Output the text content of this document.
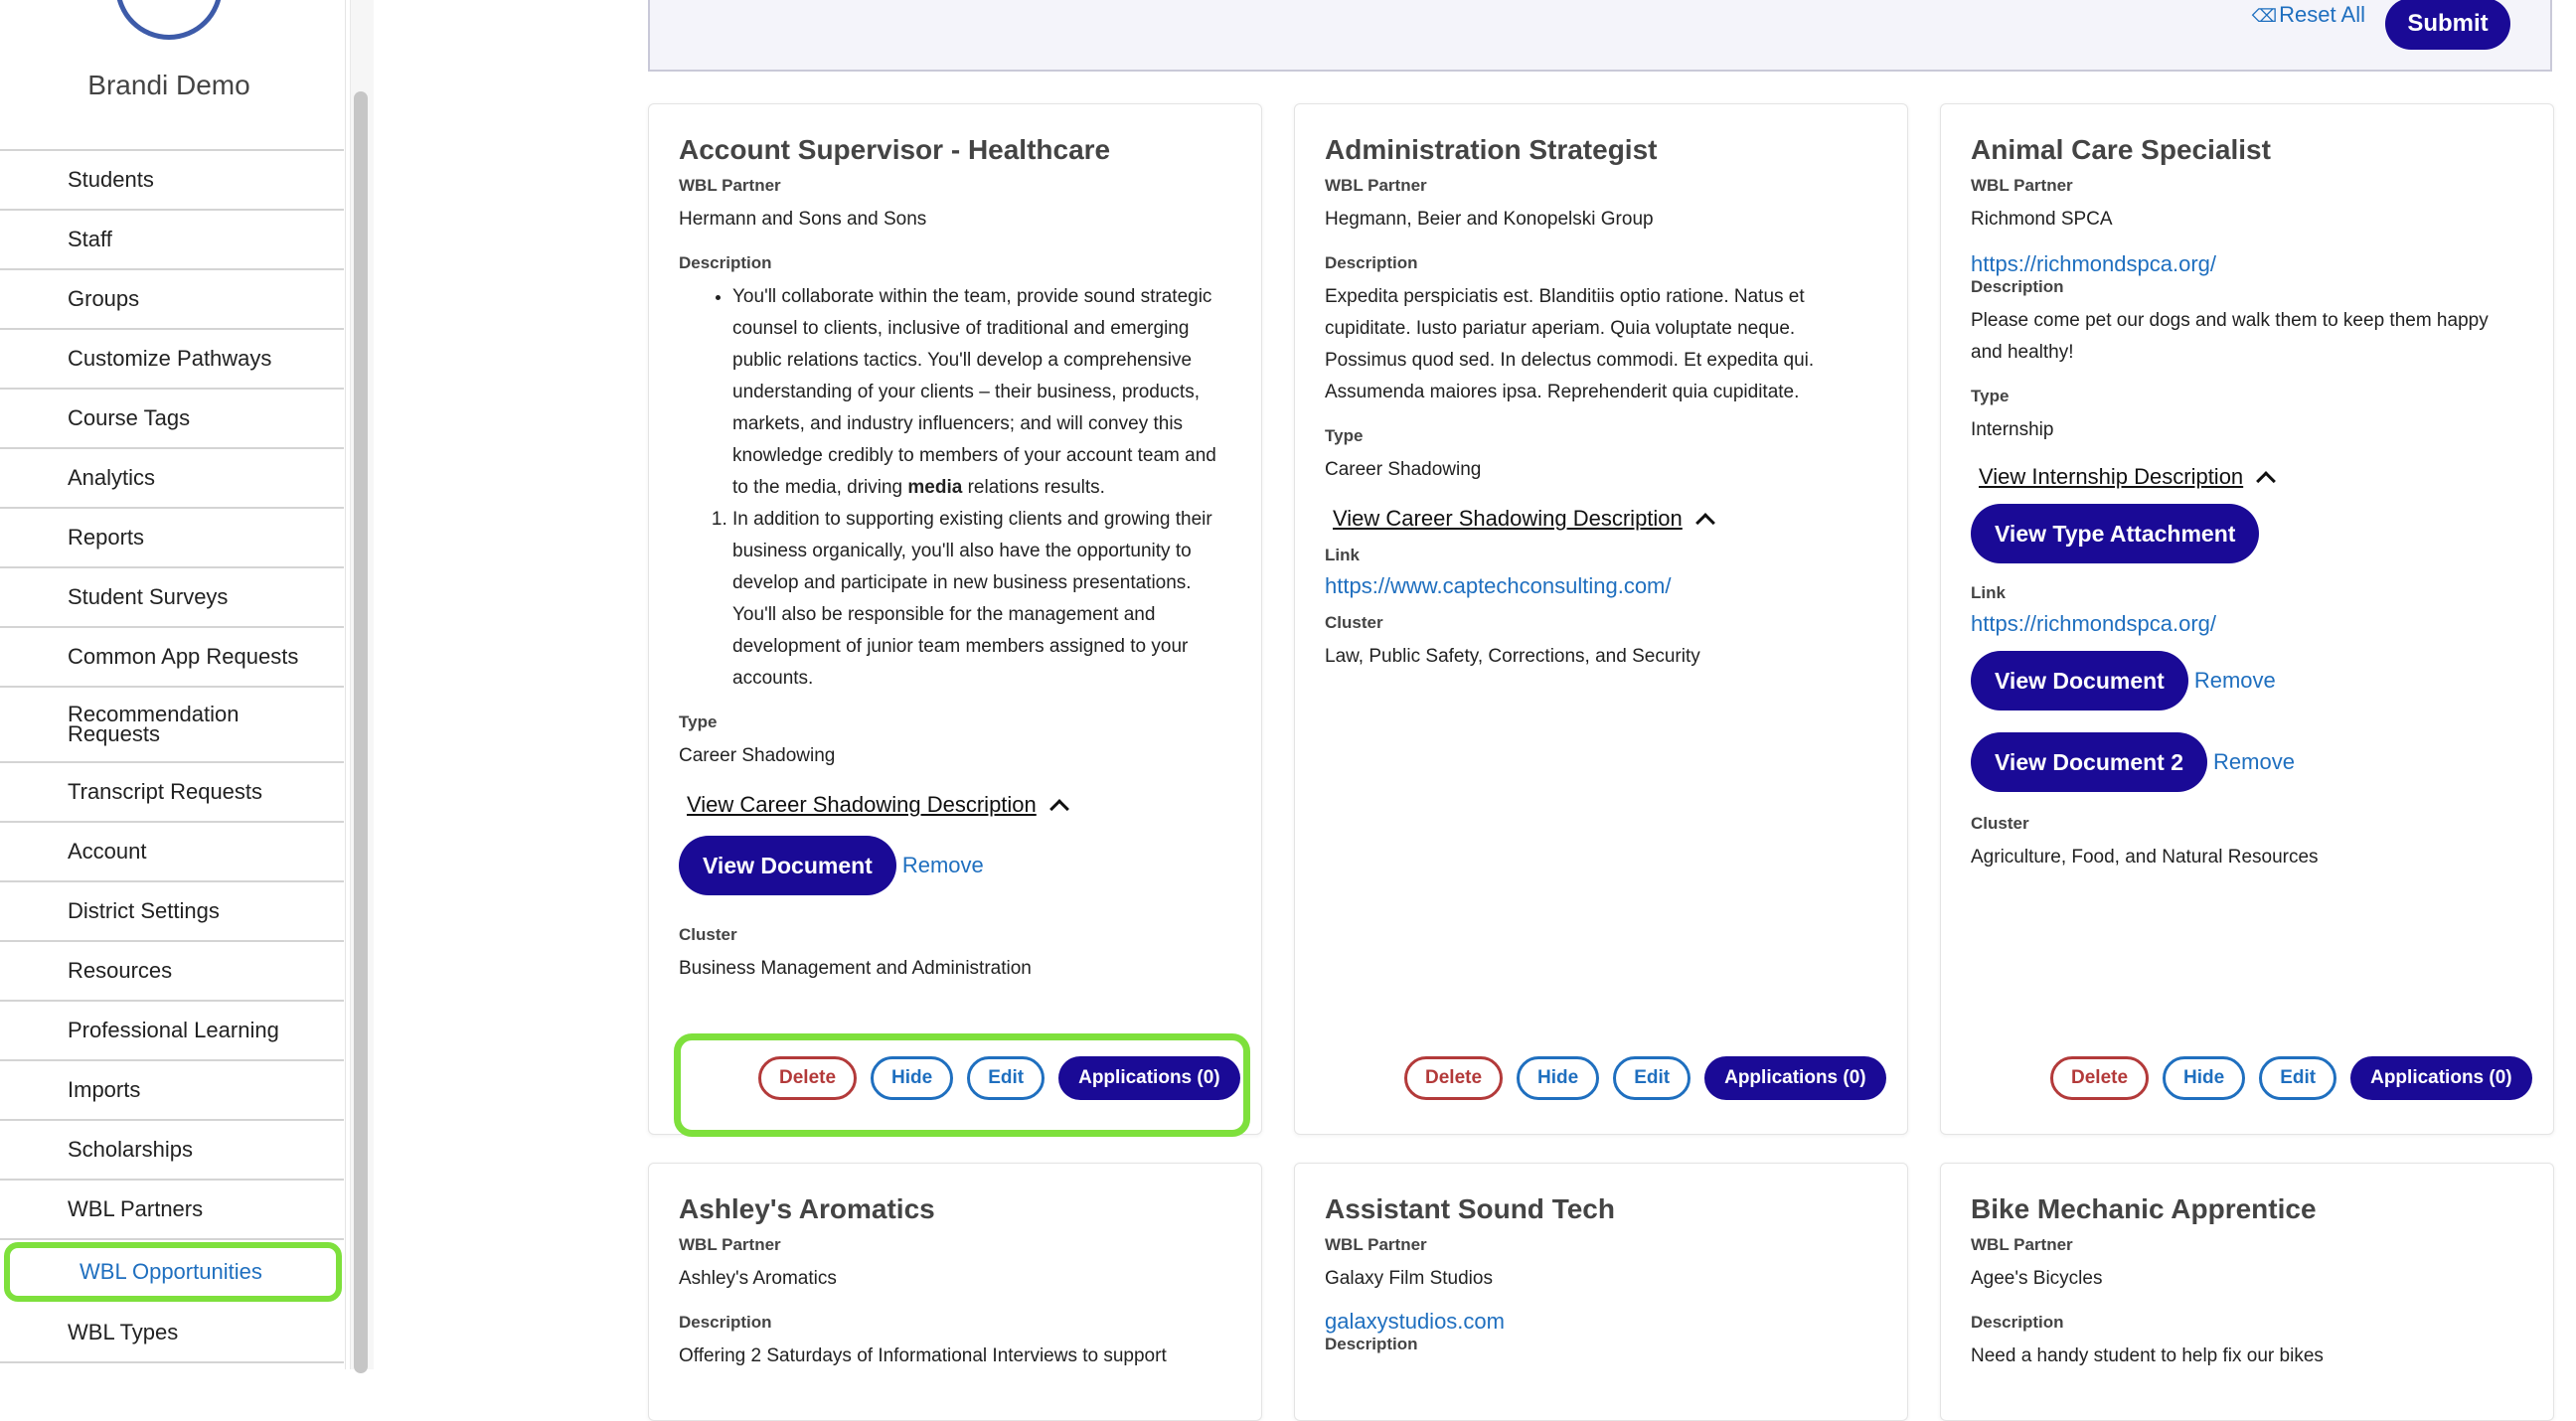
Brandi Demo
Students
Staff
Groups
Customize Pathways
Course Tags
Analytics
Reports
Student Surveys
Common App Requests
Recommendation Requests
Transcript Requests
Account
District Settings
Resources
Professional Learning
Imports
Scholarships
WBL Partners
WBL Opportunities
WBL Types
⌫Reset All	Submit
Account Supervisor - Healthcare
WBL Partner
Hermann and Sons and Sons
Description
• You'll collaborate within the team, provide sound strategic counsel to clients, inclusive of traditional and emerging public relations tactics. You'll develop a comprehensive understanding of your clients – their business, products, markets, and industry influencers; and will convey this knowledge credibly to members of your account team and to the media, driving media relations results.
1. In addition to supporting existing clients and growing their business organically, you'll also have the opportunity to develop and participate in new business presentations. You'll also be responsible for the management and development of junior team members assigned to your accounts.
Type
Career Shadowing
View Career Shadowing Description
View Document	Remove
Cluster
Business Management and Administration
Delete	Hide	Edit	Applications (0)
Administration Strategist
WBL Partner
Hegmann, Beier and Konopelski Group
Description
Expedita perspiciatis est. Blanditiis optio ratione. Natus et cupiditate. Iusto pariatur aperiam. Quia voluptate neque. Possimus quod sed. In delectus commodi. Et expedita qui. Assumenda maiores ipsa. Reprehenderit quia cupiditate.
Type
Career Shadowing
View Career Shadowing Description
Link
https://www.captechconsulting.com/
Cluster
Law, Public Safety, Corrections, and Security
Delete	Hide	Edit	Applications (0)
Animal Care Specialist
WBL Partner
Richmond SPCA
https://richmondspca.org/
Description
Please come pet our dogs and walk them to keep them happy and healthy!
Type
Internship
View Internship Description
View Type Attachment
Link
https://richmondspca.org/
View Document	Remove
View Document 2	Remove
Cluster
Agriculture, Food, and Natural Resources
Delete	Hide	Edit	Applications (0)
Ashley's Aromatics
WBL Partner
Ashley's Aromatics
Description
Offering 2 Saturdays of Informational Interviews to support
Assistant Sound Tech
WBL Partner
Galaxy Film Studios
galaxystudios.com
Description
Bike Mechanic Apprentice
WBL Partner
Agee's Bicycles
Description
Need a handy student to help fix our bikes
